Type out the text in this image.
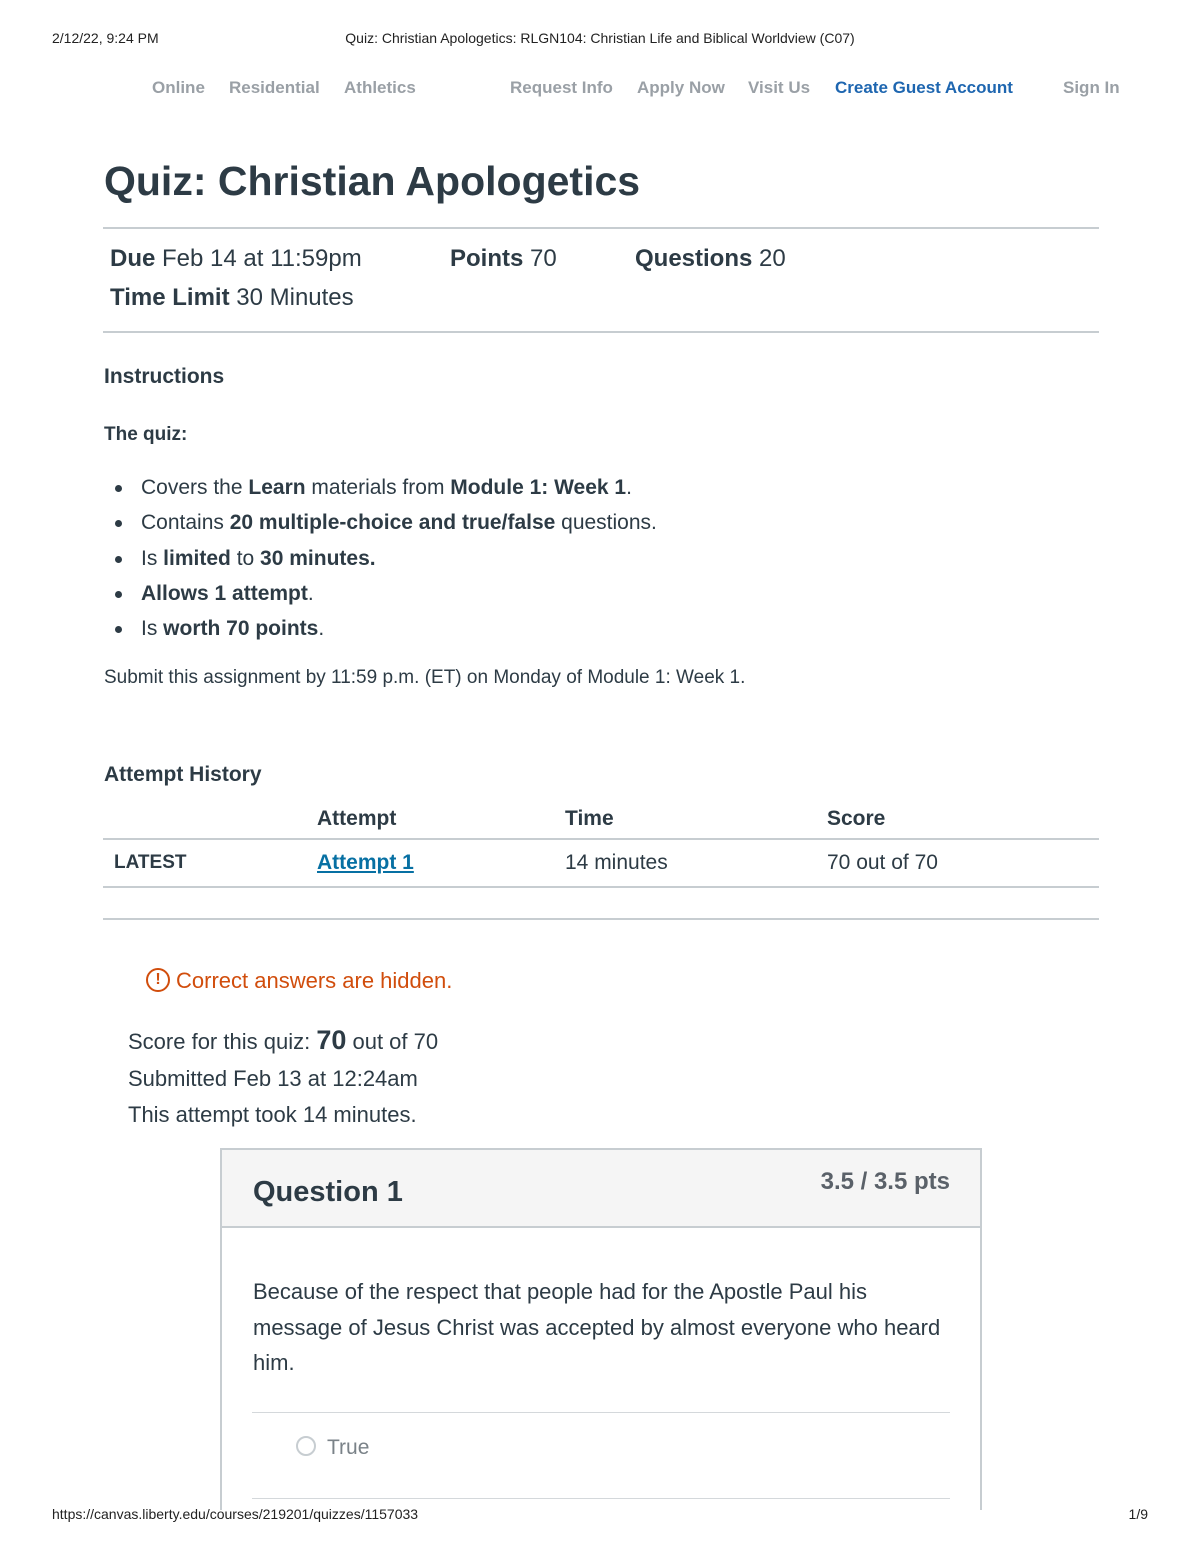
2/12/22, 9:24 PM	Quiz: Christian Apologetics: RLGN104: Christian Life and Biblical Worldview (C07)
Online Residential Athletics	Request Info Apply Now Visit Us Create Guest Account	Sign In
Quiz: Christian Apologetics
Due Feb 14 at 11:59pm	Points 70	Questions 20
Time Limit 30 Minutes
Instructions
The quiz:
Covers the Learn materials from Module 1: Week 1.
Contains 20 multiple-choice and true/false questions.
Is limited to 30 minutes.
Allows 1 attempt.
Is worth 70 points.
Submit this assignment by 11:59 p.m. (ET) on Monday of Module 1: Week 1.
Attempt History
	Attempt	Time	Score
LATEST	Attempt 1	14 minutes	70 out of 70
! Correct answers are hidden.
Score for this quiz: 70 out of 70
Submitted Feb 13 at 12:24am
This attempt took 14 minutes.
Question 1	3.5 / 3.5 pts
Because of the respect that people had for the Apostle Paul his message of Jesus Christ was accepted by almost everyone who heard him.
True
https://canvas.liberty.edu/courses/219201/quizzes/1157033	1/9
